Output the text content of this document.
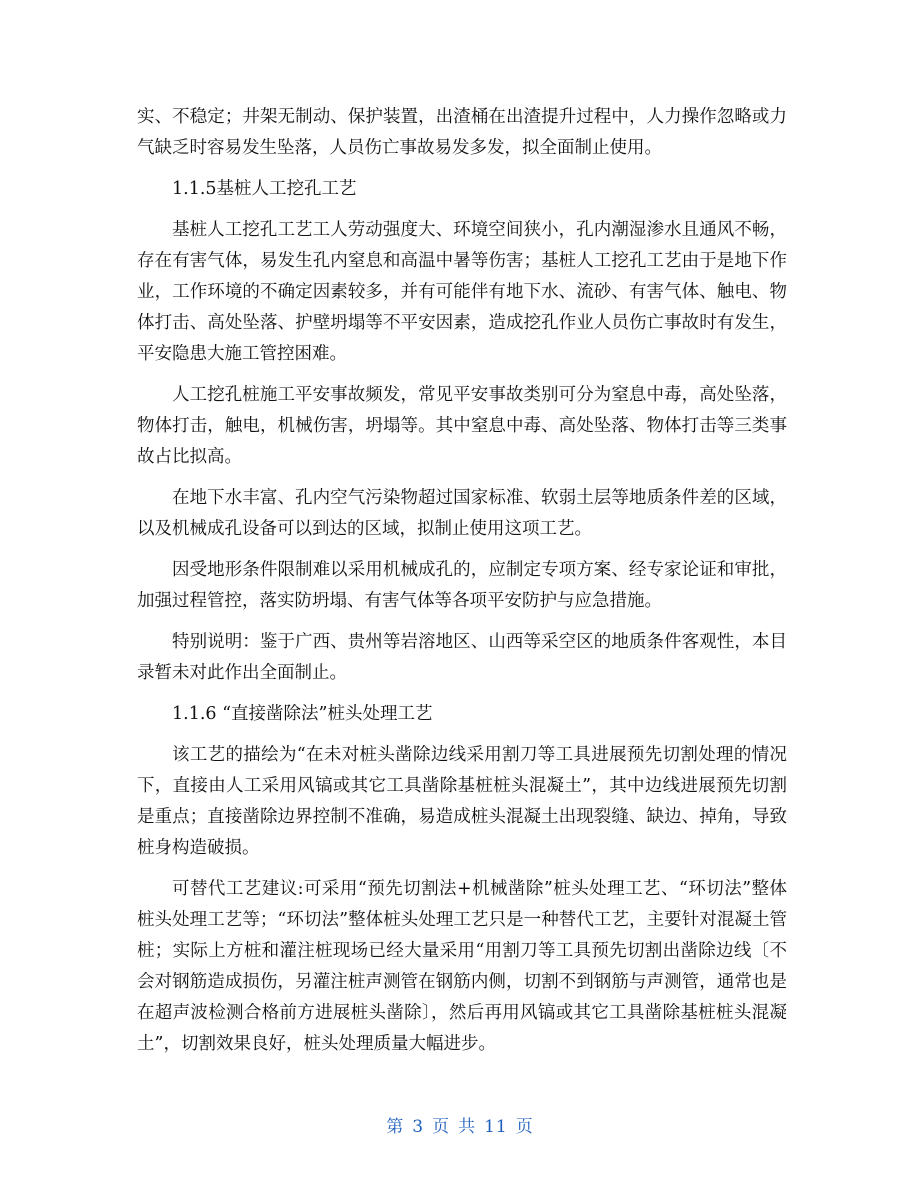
实、不稳定；井架无制动、保护装置，出渣桶在出渣提升过程中，人力操作忽略或力气缺乏时容易发生坠落，人员伤亡事故易发多发，拟全面制止使用。

1.1.5基桩人工挖孔工艺

基桩人工挖孔工艺工人劳动强度大、环境空间狭小，孔内潮湿渗水且通风不畅，存在有害气体，易发生孔内窒息和高温中暑等伤害；基桩人工挖孔工艺由于是地下作业，工作环境的不确定因素较多，并有可能伴有地下水、流砂、有害气体、触电、物体打击、高处坠落、护壁坍塌等不平安因素，造成挖孔作业人员伤亡事故时有发生，平安隐患大施工管控困难。

人工挖孔桩施工平安事故频发，常见平安事故类别可分为窒息中毒，高处坠落，物体打击，触电，机械伤害，坍塌等。其中窒息中毒、高处坠落、物体打击等三类事故占比拟高。

在地下水丰富、孔内空气污染物超过国家标准、软弱土层等地质条件差的区域，以及机械成孔设备可以到达的区域，拟制止使用这项工艺。

因受地形条件限制难以采用机械成孔的，应制定专项方案、经专家论证和审批，加强过程管控，落实防坍塌、有害气体等各项平安防护与应急措施。

特别说明：鉴于广西、贵州等岩溶地区、山西等采空区的地质条件客观性，本目录暂未对此作出全面制止。

1.1.6 “直接凿除法”桩头处理工艺

该工艺的描绘为“在未对桩头凿除边线采用割刀等工具进展预先切割处理的情况下，直接由人工采用风镐或其它工具凿除基桩桩头混凝土”，其中边线进展预先切割是重点；直接凿除边界控制不准确，易造成桩头混凝土出现裂缝、缺边、掉角，导致桩身构造破损。

可替代工艺建议:可采用“预先切割法+机械凿除”桩头处理工艺、“环切法”整体桩头处理工艺等；“环切法”整体桩头处理工艺只是一种替代工艺，主要针对混凝土管桩；实际上方桩和灌注桩现场已经大量采用“用割刀等工具预先切割出凿除边线〔不会对钢筋造成损伤，另灌注桩声测管在钢筋内侧，切割不到钢筋与声测管，通常也是在超声波检测合格前方进展桩头凿除〕，然后再用风镐或其它工具凿除基桩桩头混凝土”，切割效果良好，桩头处理质量大幅进步。

第 3 页 共 11 页
